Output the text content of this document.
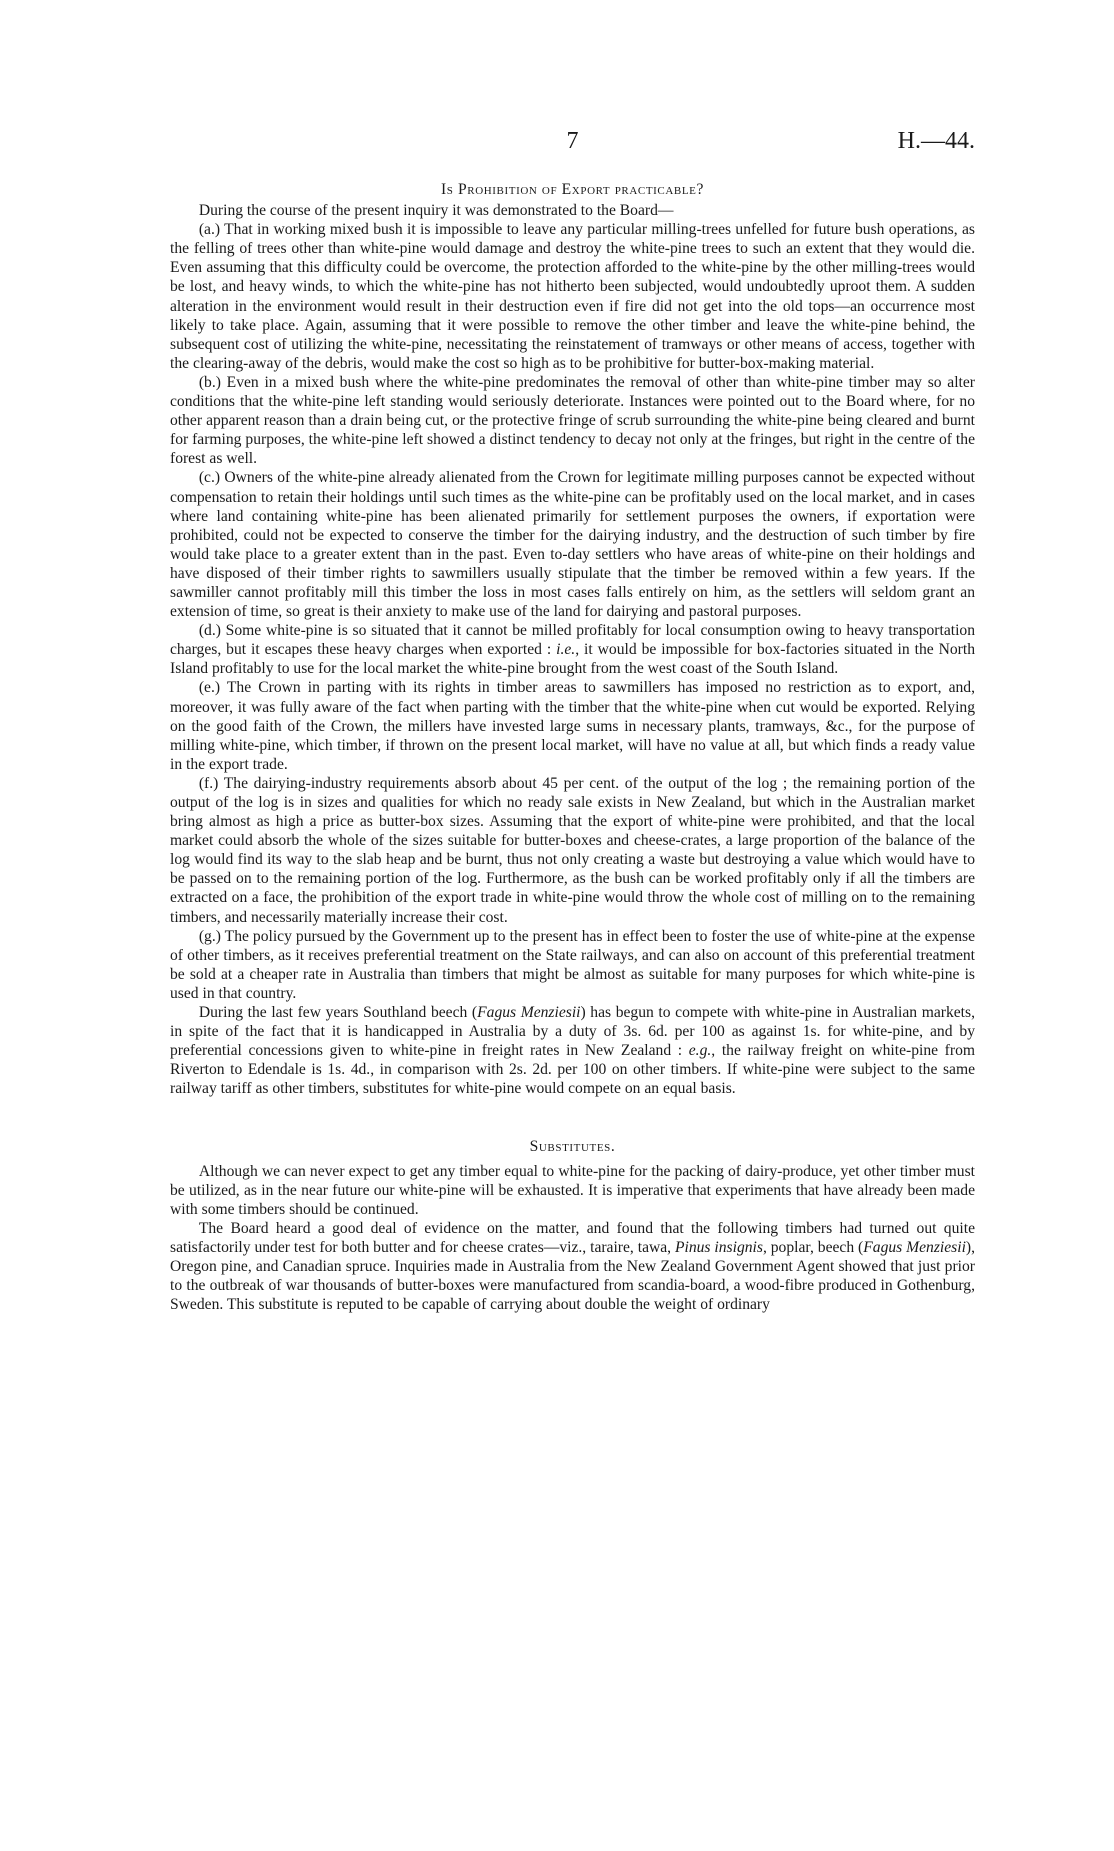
7	H.—44.
Is Prohibition of Export practicable?

During the course of the present inquiry it was demonstrated to the Board—

(a.) That in working mixed bush it is impossible to leave any particular milling-trees unfelled for future bush operations, as the felling of trees other than white-pine would damage and destroy the white-pine trees to such an extent that they would die. Even assuming that this difficulty could be overcome, the protection afforded to the white-pine by the other milling-trees would be lost, and heavy winds, to which the white-pine has not hitherto been subjected, would undoubtedly uproot them. A sudden alteration in the environment would result in their destruction even if fire did not get into the old tops—an occurrence most likely to take place. Again, assuming that it were possible to remove the other timber and leave the white-pine behind, the subsequent cost of utilizing the white-pine, necessitating the reinstatement of tramways or other means of access, together with the clearing-away of the debris, would make the cost so high as to be prohibitive for butter-box-making material.

(b.) Even in a mixed bush where the white-pine predominates the removal of other than white-pine timber may so alter conditions that the white-pine left standing would seriously deteriorate. Instances were pointed out to the Board where, for no other apparent reason than a drain being cut, or the protective fringe of scrub surrounding the white-pine being cleared and burnt for farming purposes, the white-pine left showed a distinct tendency to decay not only at the fringes, but right in the centre of the forest as well.

(c.) Owners of the white-pine already alienated from the Crown for legitimate milling purposes cannot be expected without compensation to retain their holdings until such times as the white-pine can be profitably used on the local market, and in cases where land containing white-pine has been alienated primarily for settlement purposes the owners, if exportation were prohibited, could not be expected to conserve the timber for the dairying industry, and the destruction of such timber by fire would take place to a greater extent than in the past. Even to-day settlers who have areas of white-pine on their holdings and have disposed of their timber rights to sawmillers usually stipulate that the timber be removed within a few years. If the sawmiller cannot profitably mill this timber the loss in most cases falls entirely on him, as the settlers will seldom grant an extension of time, so great is their anxiety to make use of the land for dairying and pastoral purposes.

(d.) Some white-pine is so situated that it cannot be milled profitably for local consumption owing to heavy transportation charges, but it escapes these heavy charges when exported : i.e., it would be impossible for box-factories situated in the North Island profitably to use for the local market the white-pine brought from the west coast of the South Island.

(e.) The Crown in parting with its rights in timber areas to sawmillers has imposed no restriction as to export, and, moreover, it was fully aware of the fact when parting with the timber that the white-pine when cut would be exported. Relying on the good faith of the Crown, the millers have invested large sums in necessary plants, tramways, &c., for the purpose of milling white-pine, which timber, if thrown on the present local market, will have no value at all, but which finds a ready value in the export trade.

(f.) The dairying-industry requirements absorb about 45 per cent. of the output of the log ; the remaining portion of the output of the log is in sizes and qualities for which no ready sale exists in New Zealand, but which in the Australian market bring almost as high a price as butter-box sizes. Assuming that the export of white-pine were prohibited, and that the local market could absorb the whole of the sizes suitable for butter-boxes and cheese-crates, a large proportion of the balance of the log would find its way to the slab heap and be burnt, thus not only creating a waste but destroying a value which would have to be passed on to the remaining portion of the log. Furthermore, as the bush can be worked profitably only if all the timbers are extracted on a face, the prohibition of the export trade in white-pine would throw the whole cost of milling on to the remaining timbers, and necessarily materially increase their cost.

(g.) The policy pursued by the Government up to the present has in effect been to foster the use of white-pine at the expense of other timbers, as it receives preferential treatment on the State railways, and can also on account of this preferential treatment be sold at a cheaper rate in Australia than timbers that might be almost as suitable for many purposes for which white-pine is used in that country.

During the last few years Southland beech (Fagus Menziesii) has begun to compete with white-pine in Australian markets, in spite of the fact that it is handicapped in Australia by a duty of 3s. 6d. per 100 as against 1s. for white-pine, and by preferential concessions given to white-pine in freight rates in New Zealand : e.g., the railway freight on white-pine from Riverton to Edendale is 1s. 4d., in comparison with 2s. 2d. per 100 on other timbers. If white-pine were subject to the same railway tariff as other timbers, substitutes for white-pine would compete on an equal basis.

Substitutes.

Although we can never expect to get any timber equal to white-pine for the packing of dairy-produce, yet other timber must be utilized, as in the near future our white-pine will be exhausted. It is imperative that experiments that have already been made with some timbers should be continued.

The Board heard a good deal of evidence on the matter, and found that the following timbers had turned out quite satisfactorily under test for both butter and for cheese crates—viz., taraire, tawa, Pinus insignis, poplar, beech (Fagus Menziesii), Oregon pine, and Canadian spruce. Inquiries made in Australia from the New Zealand Government Agent showed that just prior to the outbreak of war thousands of butter-boxes were manufactured from scandia-board, a wood-fibre produced in Gothenburg, Sweden. This substitute is reputed to be capable of carrying about double the weight of ordinary
